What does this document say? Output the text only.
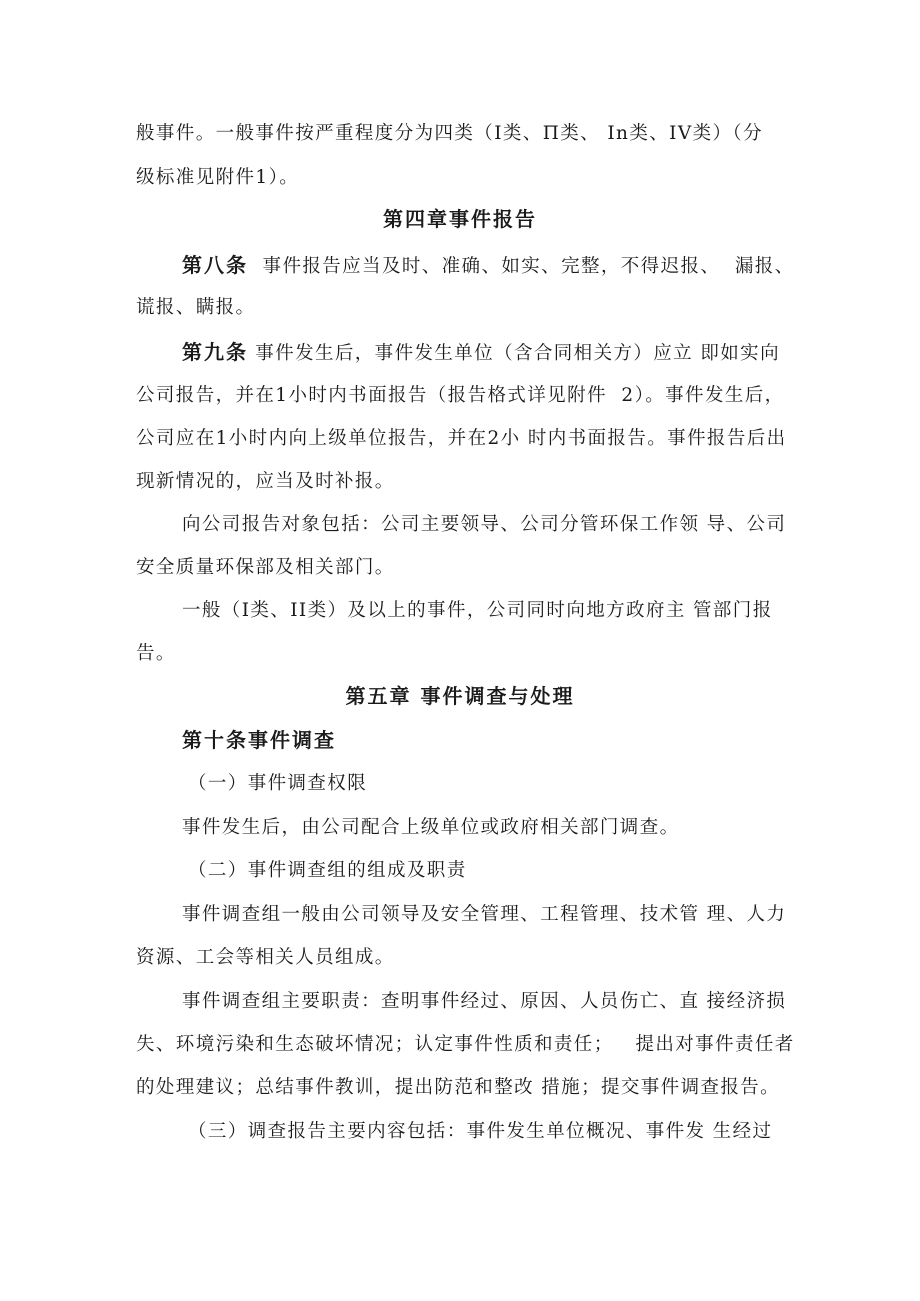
般事件。一般事件按严重程度分为四类（I类、П类、 In类、IV类）（分
级标准见附件1）。
第四章事件报告
第八条  事件报告应当及时、准确、如实、完整，不得迟报、  漏报、
谎报、瞒报。
第九条 事件发生后，事件发生单位（含合同相关方）应立 即如实向
公司报告，并在1小时内书面报告（报告格式详见附件  2）。事件发生后，
公司应在1小时内向上级单位报告，并在2小 时内书面报告。事件报告后出
现新情况的，应当及时补报。
向公司报告对象包括：公司主要领导、公司分管环保工作领 导、公司
安全质量环保部及相关部门。
一般（I类、II类）及以上的事件，公司同时向地方政府主 管部门报
告。
第五章 事件调查与处理
第十条事件调查
（一）事件调查权限
事件发生后，由公司配合上级单位或政府相关部门调查。
（二）事件调查组的组成及职责
事件调查组一般由公司领导及安全管理、工程管理、技术管 理、人力
资源、工会等相关人员组成。
事件调查组主要职责：查明事件经过、原因、人员伤亡、直 接经济损
失、环境污染和生态破坏情况；认定事件性质和责任；   提出对事件责任者
的处理建议；总结事件教训，提出防范和整改 措施；提交事件调查报告。
（三）调查报告主要内容包括：事件发生单位概况、事件发 生经过
